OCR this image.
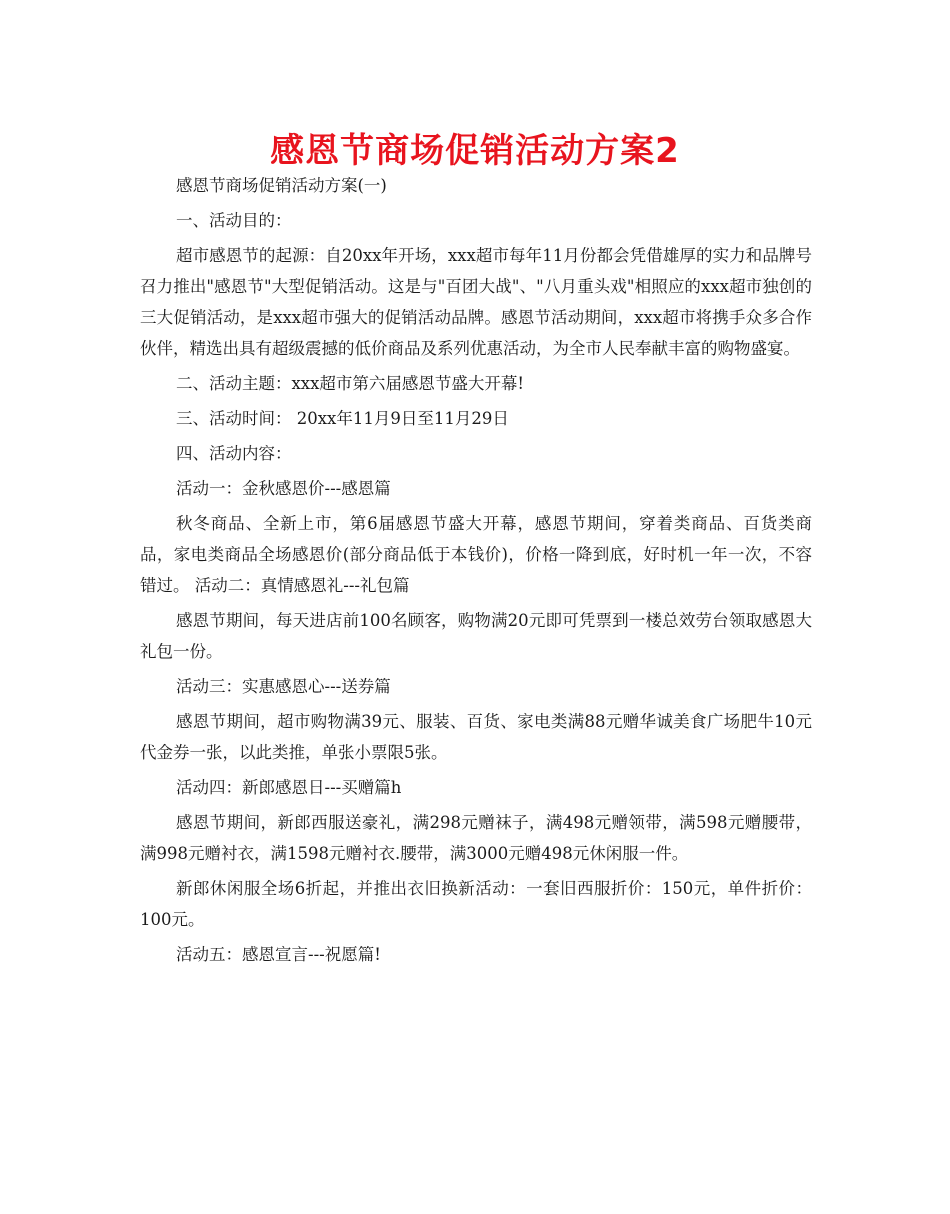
感恩节商场促销活动方案2

感恩节商场促销活动方案(一)

一、活动目的：

超市感恩节的起源：自20xx年开场，xxx超市每年11月份都会凭借雄厚的实力和品牌号召力推出"感恩节"大型促销活动。这是与"百团大战"、"八月重头戏"相照应的xxx超市独创的三大促销活动，是xxx超市强大的促销活动品牌。感恩节活动期间，xxx超市将携手众多合作伙伴，精选出具有超级震撼的低价商品及系列优惠活动，为全市人民奉献丰富的购物盛宴。

二、活动主题：xxx超市第六届感恩节盛大开幕!

三、活动时间： 20xx年11月9日至11月29日

四、活动内容：

活动一：金秋感恩价---感恩篇

秋冬商品、全新上市，第6届感恩节盛大开幕，感恩节期间，穿着类商品、百货类商品，家电类商品全场感恩价(部分商品低于本钱价)，价格一降到底，好时机一年一次，不容错过。 活动二：真情感恩礼---礼包篇

感恩节期间，每天进店前100名顾客，购物满20元即可凭票到一楼总效劳台领取感恩大礼包一份。

活动三：实惠感恩心---送券篇

感恩节期间，超市购物满39元、服装、百货、家电类满88元赠华诚美食广场肥牛10元代金券一张，以此类推，单张小票限5张。

活动四：新郎感恩日---买赠篇h

感恩节期间，新郎西服送豪礼，满298元赠袜子，满498元赠领带，满598元赠腰带，满998元赠衬衣，满1598元赠衬衣.腰带，满3000元赠498元休闲服一件。

新郎休闲服全场6折起，并推出衣旧换新活动：一套旧西服折价：150元，单件折价：100元。

活动五：感恩宣言---祝愿篇!
